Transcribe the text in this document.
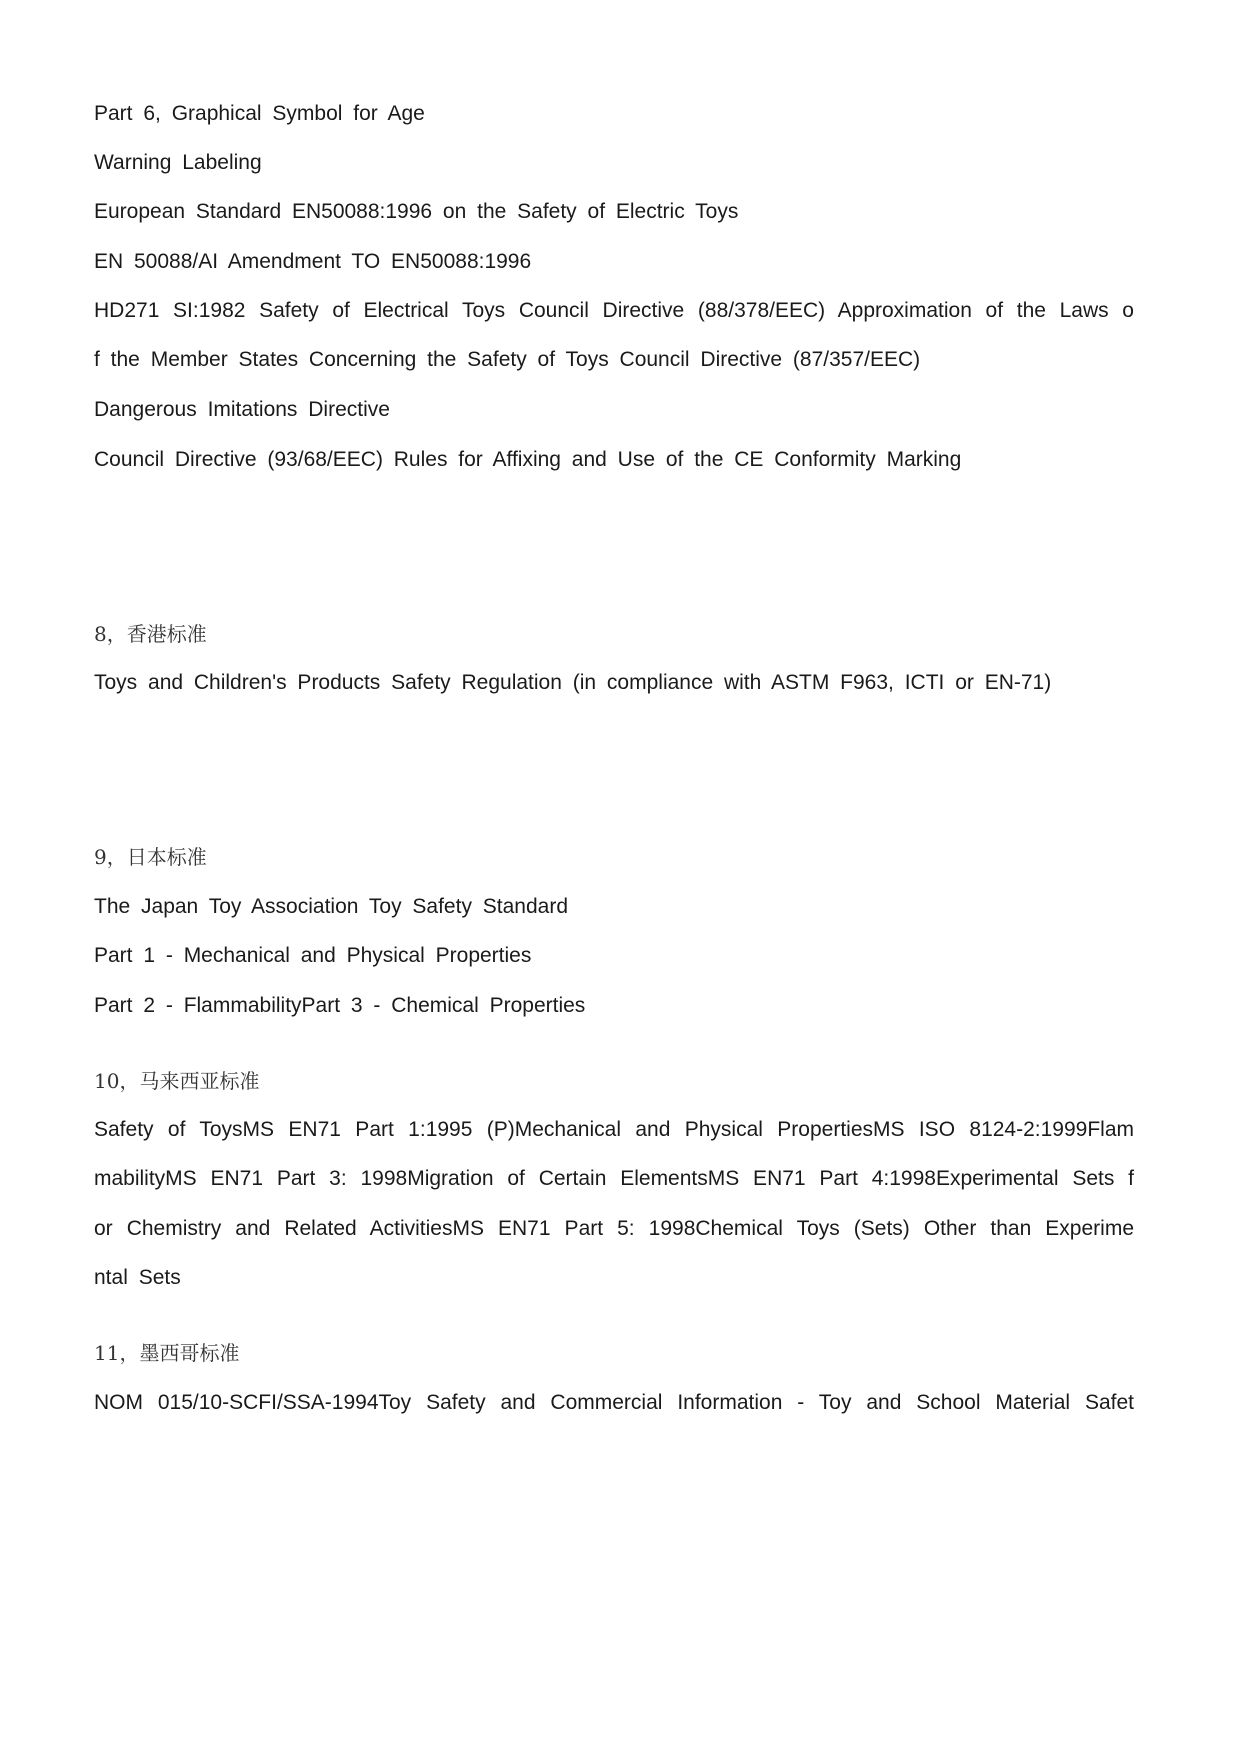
Part 6, Graphical Symbol for Age
Warning Labeling
European Standard EN50088:1996 on the Safety of Electric Toys
EN 50088/AI Amendment TO EN50088:1996
HD271 SI:1982 Safety of Electrical Toys Council Directive (88/378/EEC) Approximation of the Laws o
f the Member States Concerning the Safety of Toys Council Directive (87/357/EEC)
Dangerous Imitations Directive
Council Directive (93/68/EEC) Rules for Affixing and Use of the CE Conformity Marking
8，香港标准
Toys and Children's Products Safety Regulation (in compliance with ASTM F963, ICTI or EN-71)
9，日本标准
The Japan Toy Association Toy Safety Standard
Part 1 - Mechanical and Physical Properties
Part 2 - FlammabilityPart 3 - Chemical Properties
10，马来西亚标准
Safety of ToysMS EN71 Part 1:1995 (P)Mechanical and Physical PropertiesMS ISO 8124-2:1999Flam
mabilityMS EN71 Part 3: 1998Migration of Certain ElementsMS EN71 Part 4:1998Experimental Sets f
or Chemistry and Related ActivitiesMS EN71 Part 5: 1998Chemical Toys (Sets) Other than Experime
ntal Sets
11，墨西哥标准
NOM 015/10-SCFI/SSA-1994Toy Safety and Commercial Information - Toy and School Material Safet
